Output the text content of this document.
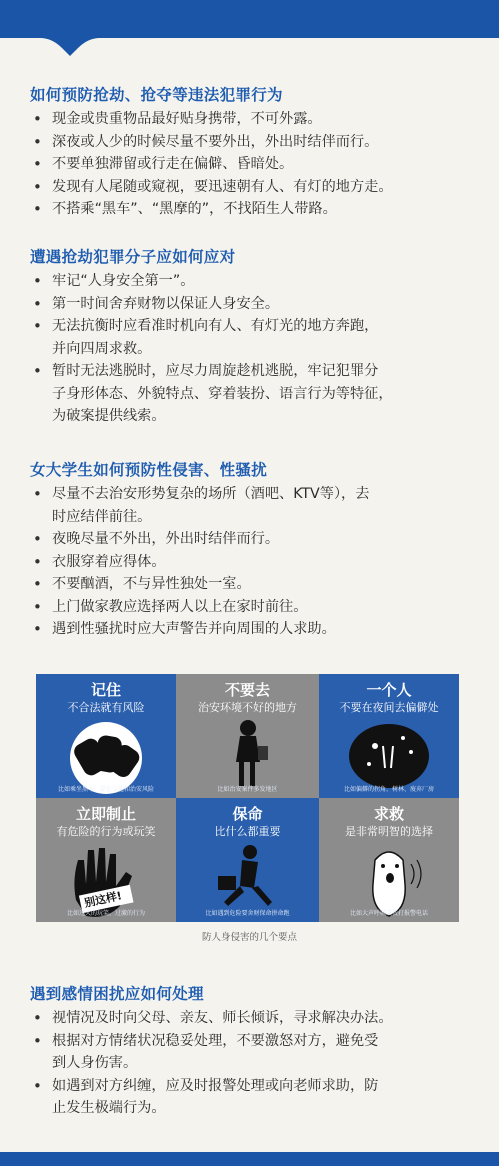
如何预防抢劫、抢夺等违法犯罪行为
• 现金或贵重物品最好贴身携带，不可外露。
• 深夜或人少的时候尽量不要外出，外出时结伴而行。
• 不要单独滞留或行走在偏僻、昏暗处。
• 发现有人尾随或窥视，要迅速朝有人、有灯的地方走。
• 不搭乘“黑车”、“黑摩的”，不找陌生人带路。
遭遇抢劫犯罪分子应如何应对
• 牢记“人身安全第一”。
• 第一时间舍弃财物以保证人身安全。
• 无法抗衡时应看准时机向有人、有灯光的地方奔跑，
并向四周求救。
• 暂时无法逃脱时，应尽力周旋趁机逃脱，牢记犯罪分
子身形体态、外貌特点、穿着装扮、语言行为等特征，
为破案提供线索。
女大学生如何预防性侵害、性骚扰
• 尽量不去治安形势复杂的场所（酒吧、KTV等），去
时应结伴前往。
• 夜晚尽量不外出，外出时结伴而行。
• 衣服穿着应得体。
• 不要酗酒，不与异性独处一室。
• 上门做家教应选择两人以上在家时前往。
• 遇到性骚扰时应大声警告并向周围的人求助。
遇到感情困扰应如何处理
• 视情况及时向父母、亲友、师长倾诉，寻求解决办法。
• 根据对方情绪状况稳妥处理，不要激怒对方，避免受
到人身伤害。
• 如遇到对方纠缠，应及时报警处理或向老师求助，防
止发生极端行为。
记住
不合法就有风险
比如乘坐黑车、存在交通和治安风险
不要去
治安环境不好的地方
比如治安案件多发地区
一个人
不要在夜间去偏僻处
比如偏僻的拐角、树林、废弃厂房
立即制止
有危险的行为或玩笑
别这样!
比如过火的玩笑、过激的行为
保命
比什么都重要
比如遇到危险要舍财保命拼命跑
求救
是非常明智的选择
比如大声呼喊或拨打报警电话
防人身侵害的几个要点
